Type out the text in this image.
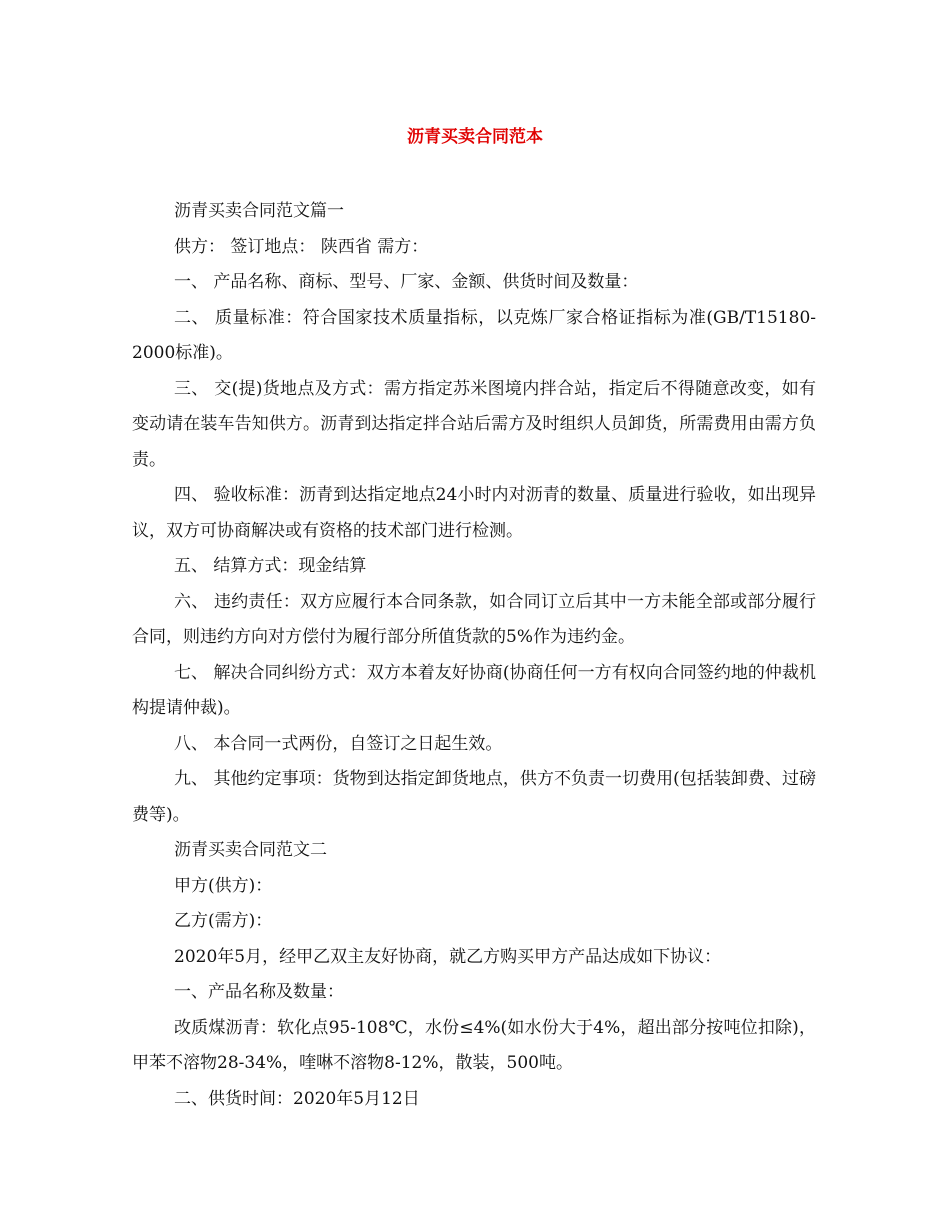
沥青买卖合同范本

沥青买卖合同范文篇一

供方： 签订地点： 陕西省 需方：

一、 产品名称、商标、型号、厂家、金额、供货时间及数量：

二、 质量标准：符合国家技术质量指标，以克炼厂家合格证指标为准(GB/T15180-2000标准)。

三、 交(提)货地点及方式：需方指定苏米图境内拌合站，指定后不得随意改变，如有变动请在装车告知供方。沥青到达指定拌合站后需方及时组织人员卸货，所需费用由需方负责。

四、 验收标准：沥青到达指定地点24小时内对沥青的数量、质量进行验收，如出现异议，双方可协商解决或有资格的技术部门进行检测。

五、 结算方式：现金结算

六、 违约责任：双方应履行本合同条款，如合同订立后其中一方未能全部或部分履行合同，则违约方向对方偿付为履行部分所值货款的5%作为违约金。

七、 解决合同纠纷方式：双方本着友好协商(协商任何一方有权向合同签约地的仲裁机构提请仲裁)。

八、 本合同一式两份，自签订之日起生效。

九、 其他约定事项：货物到达指定卸货地点，供方不负责一切费用(包括装卸费、过磅费等)。

沥青买卖合同范文二

甲方(供方)：

乙方(需方)：

2020年5月，经甲乙双主友好协商，就乙方购买甲方产品达成如下协议：

一、产品名称及数量：

改质煤沥青：软化点95-108℃，水份≤4%(如水份大于4%，超出部分按吨位扣除)，甲苯不溶物28-34%，喹啉不溶物8-12%，散装，500吨。

二、供货时间：2020年5月12日
